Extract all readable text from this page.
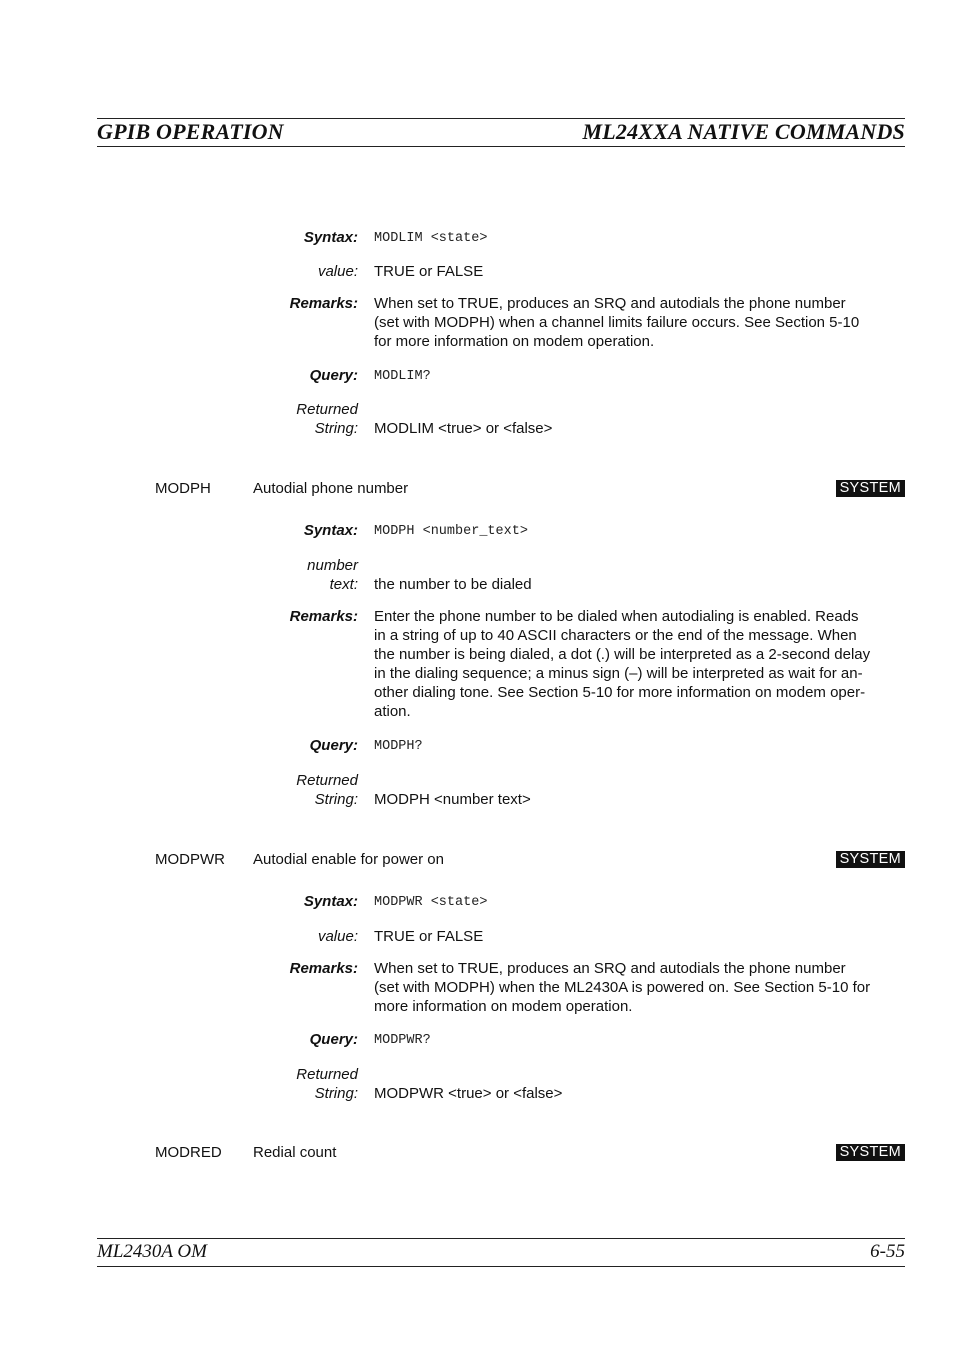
GPIB OPERATION	ML24XXA NATIVE COMMANDS
Syntax: MODLIM <state>
value: TRUE or FALSE
Remarks: When set to TRUE, produces an SRQ and autodials the phone number
(set with MODPH) when a channel limits failure occurs. See Section 5-10
for more information on modem operation.
Query: MODLIM?
Returned
String: MODLIM <true> or <false>
MODPH	Autodial phone number	SYSTEM
Syntax: MODPH <number_text>
number
text: the number to be dialed
Remarks: Enter the phone number to be dialed when autodialing is enabled. Reads
in a string of up to 40 ASCII characters or the end of the message. When
the number is being dialed, a dot (.) will be interpreted as a 2-second delay
in the dialing sequence; a minus sign (–) will be interpreted as wait for an-
other dialing tone. See Section 5-10 for more information on modem oper-
ation.
Query: MODPH?
Returned
String: MODPH <number text>
MODPWR Autodial enable for power on	SYSTEM
Syntax: MODPWR <state>
value: TRUE or FALSE
Remarks: When set to TRUE, produces an SRQ and autodials the phone number
(set with MODPH) when the ML2430A is powered on. See Section 5-10 for
more information on modem operation.
Query: MODPWR?
Returned
String: MODPWR <true> or <false>
MODRED Redial count	SYSTEM
ML2430A OM	6-55
